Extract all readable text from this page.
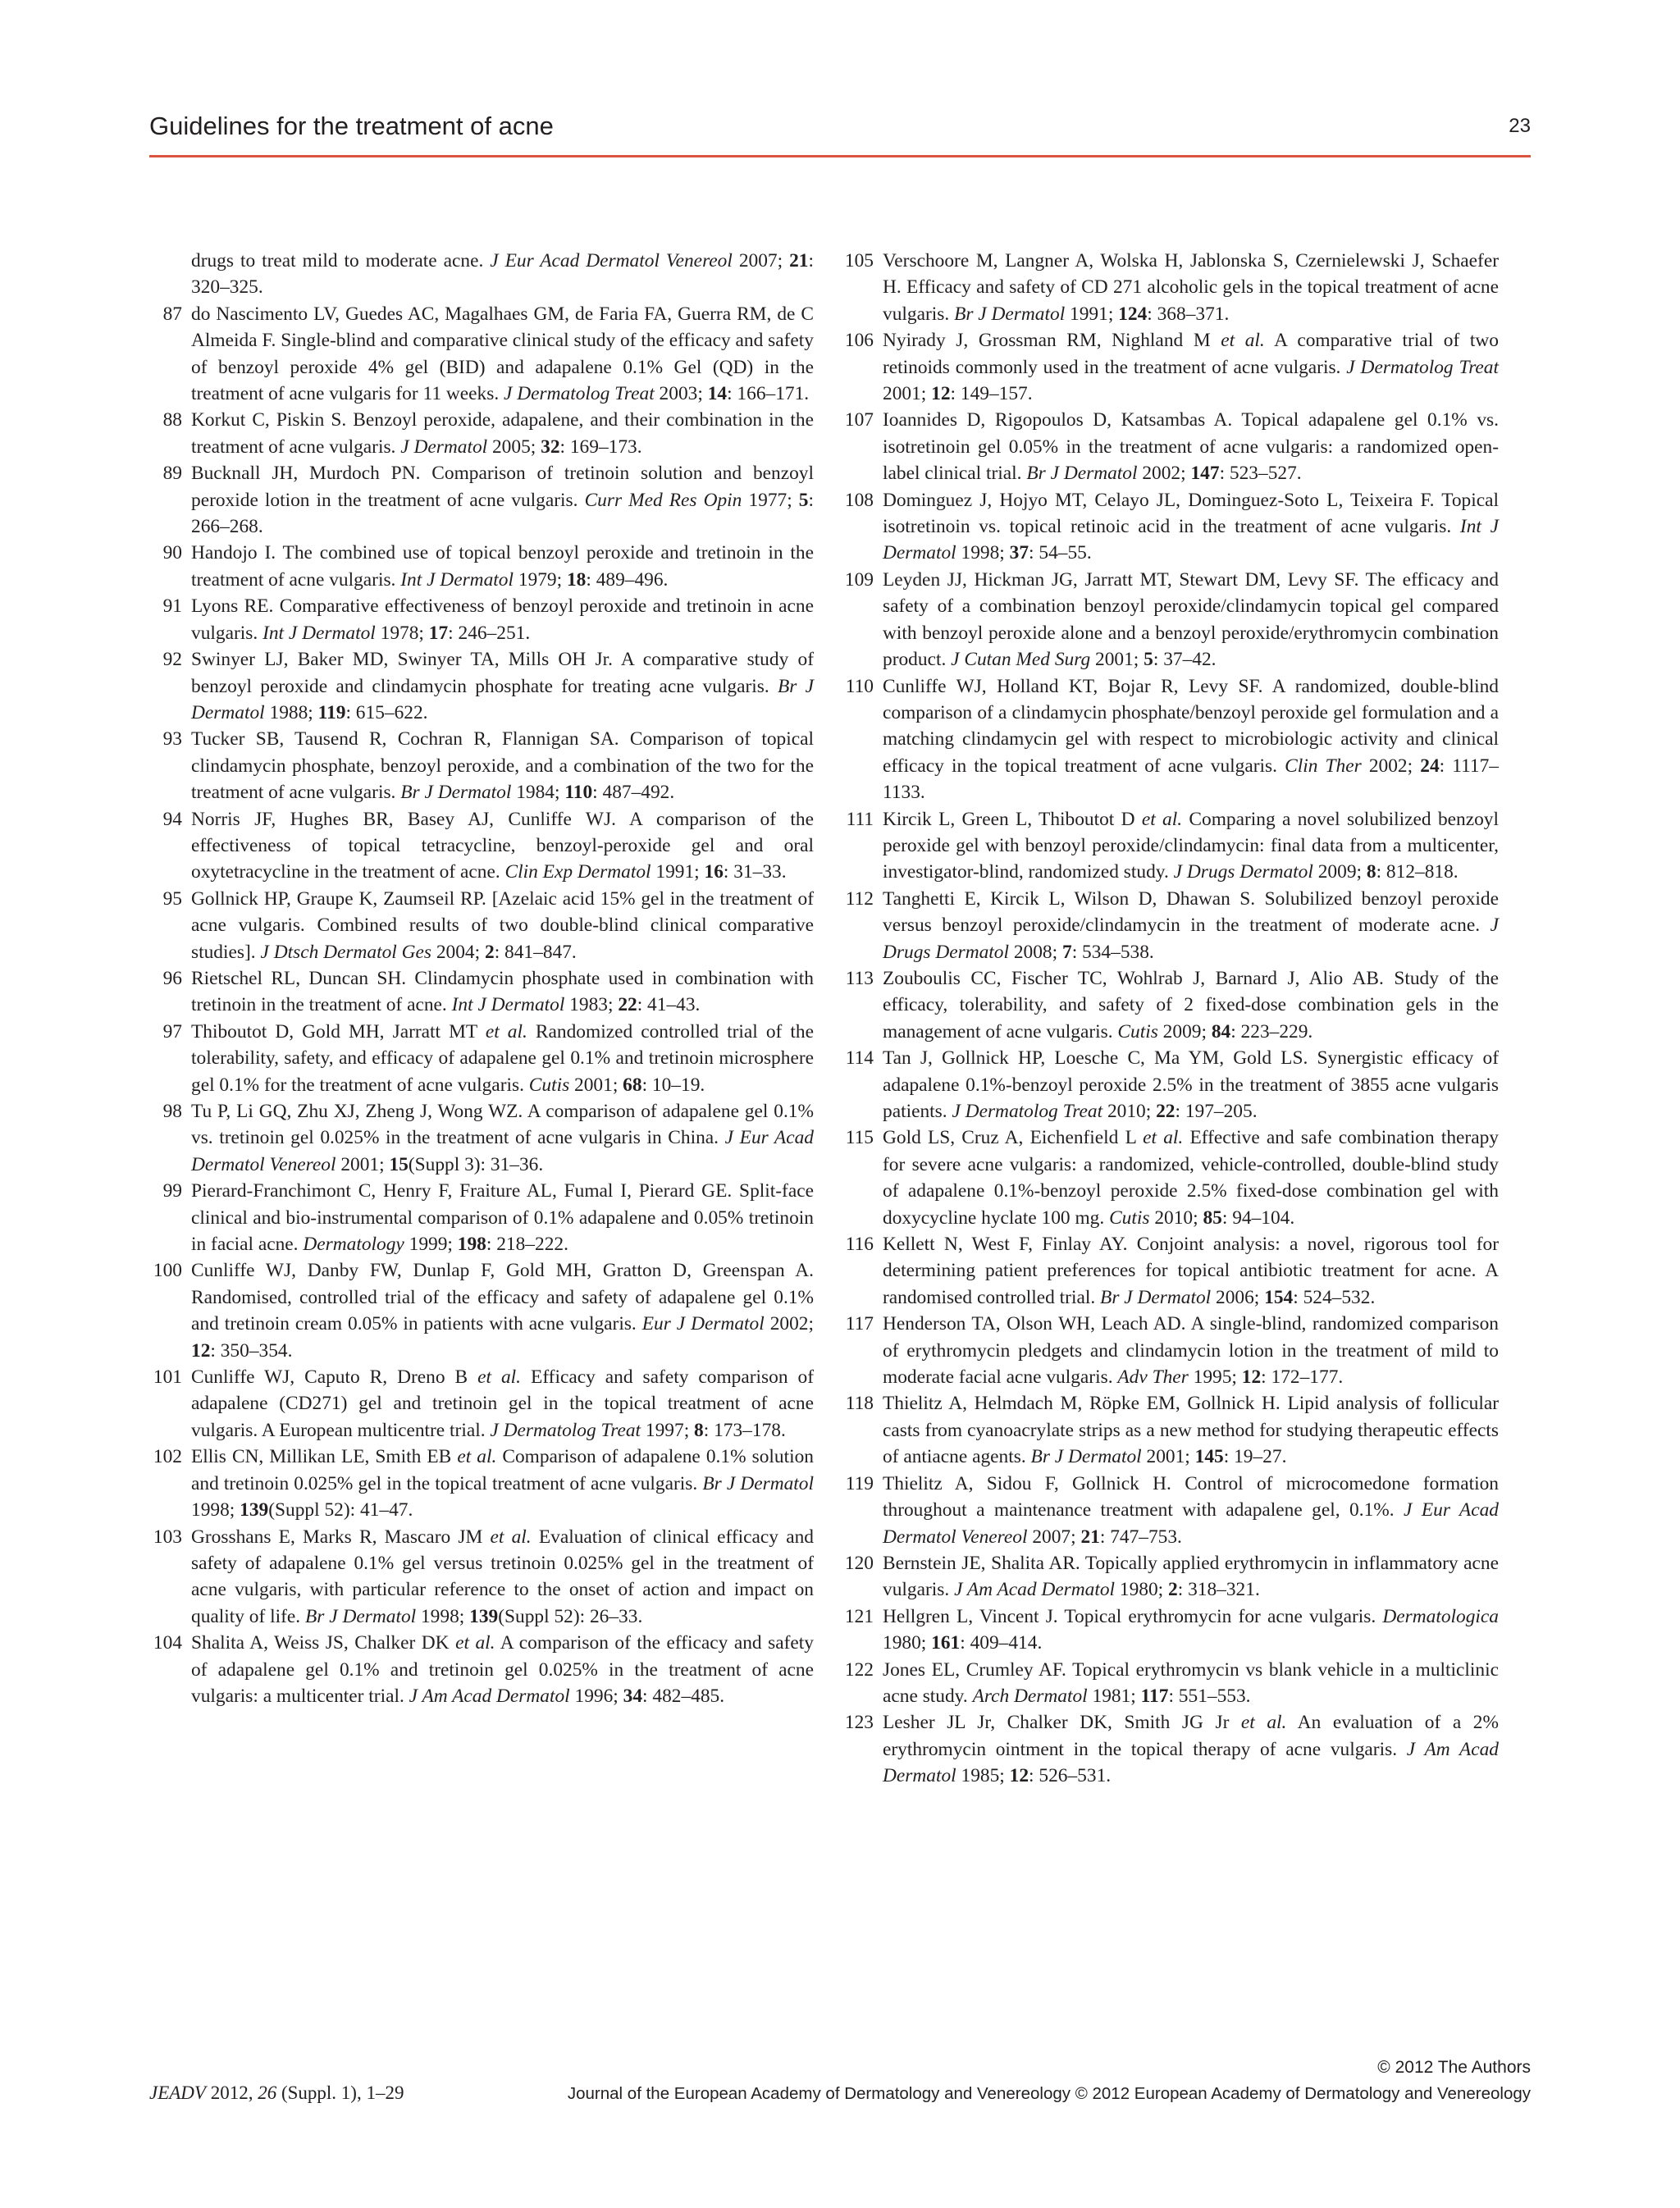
Guidelines for the treatment of acne	23

drugs to treat mild to moderate acne. J Eur Acad Dermatol Venereol 2007; 21: 320–325.

87 do Nascimento LV, Guedes AC, Magalhaes GM, de Faria FA, Guerra RM, de C Almeida F. Single-blind and comparative clinical study of the efficacy and safety of benzoyl peroxide 4% gel (BID) and adapalene 0.1% Gel (QD) in the treatment of acne vulgaris for 11 weeks. J Dermatolog Treat 2003; 14: 166–171.

88 Korkut C, Piskin S. Benzoyl peroxide, adapalene, and their combination in the treatment of acne vulgaris. J Dermatol 2005; 32: 169–173.

89 Bucknall JH, Murdoch PN. Comparison of tretinoin solution and benzoyl peroxide lotion in the treatment of acne vulgaris. Curr Med Res Opin 1977; 5: 266–268.

90 Handojo I. The combined use of topical benzoyl peroxide and tretinoin in the treatment of acne vulgaris. Int J Dermatol 1979; 18: 489–496.

91 Lyons RE. Comparative effectiveness of benzoyl peroxide and tretinoin in acne vulgaris. Int J Dermatol 1978; 17: 246–251.

92 Swinyer LJ, Baker MD, Swinyer TA, Mills OH Jr. A comparative study of benzoyl peroxide and clindamycin phosphate for treating acne vulgaris. Br J Dermatol 1988; 119: 615–622.

93 Tucker SB, Tausend R, Cochran R, Flannigan SA. Comparison of topical clindamycin phosphate, benzoyl peroxide, and a combination of the two for the treatment of acne vulgaris. Br J Dermatol 1984; 110: 487–492.

94 Norris JF, Hughes BR, Basey AJ, Cunliffe WJ. A comparison of the effectiveness of topical tetracycline, benzoyl-peroxide gel and oral oxytetracycline in the treatment of acne. Clin Exp Dermatol 1991; 16: 31–33.

95 Gollnick HP, Graupe K, Zaumseil RP. [Azelaic acid 15% gel in the treatment of acne vulgaris. Combined results of two double-blind clinical comparative studies]. J Dtsch Dermatol Ges 2004; 2: 841–847.

96 Rietschel RL, Duncan SH. Clindamycin phosphate used in combination with tretinoin in the treatment of acne. Int J Dermatol 1983; 22: 41–43.

97 Thiboutot D, Gold MH, Jarratt MT et al. Randomized controlled trial of the tolerability, safety, and efficacy of adapalene gel 0.1% and tretinoin microsphere gel 0.1% for the treatment of acne vulgaris. Cutis 2001; 68: 10–19.

98 Tu P, Li GQ, Zhu XJ, Zheng J, Wong WZ. A comparison of adapalene gel 0.1% vs. tretinoin gel 0.025% in the treatment of acne vulgaris in China. J Eur Acad Dermatol Venereol 2001; 15(Suppl 3): 31–36.

99 Pierard-Franchimont C, Henry F, Fraiture AL, Fumal I, Pierard GE. Split-face clinical and bio-instrumental comparison of 0.1% adapalene and 0.05% tretinoin in facial acne. Dermatology 1999; 198: 218–222.

100 Cunliffe WJ, Danby FW, Dunlap F, Gold MH, Gratton D, Greenspan A. Randomised, controlled trial of the efficacy and safety of adapalene gel 0.1% and tretinoin cream 0.05% in patients with acne vulgaris. Eur J Dermatol 2002; 12: 350–354.

101 Cunliffe WJ, Caputo R, Dreno B et al. Efficacy and safety comparison of adapalene (CD271) gel and tretinoin gel in the topical treatment of acne vulgaris. A European multicentre trial. J Dermatolog Treat 1997; 8: 173–178.

102 Ellis CN, Millikan LE, Smith EB et al. Comparison of adapalene 0.1% solution and tretinoin 0.025% gel in the topical treatment of acne vulgaris. Br J Dermatol 1998; 139(Suppl 52): 41–47.

103 Grosshans E, Marks R, Mascaro JM et al. Evaluation of clinical efficacy and safety of adapalene 0.1% gel versus tretinoin 0.025% gel in the treatment of acne vulgaris, with particular reference to the onset of action and impact on quality of life. Br J Dermatol 1998; 139(Suppl 52): 26–33.

104 Shalita A, Weiss JS, Chalker DK et al. A comparison of the efficacy and safety of adapalene gel 0.1% and tretinoin gel 0.025% in the treatment of acne vulgaris: a multicenter trial. J Am Acad Dermatol 1996; 34: 482–485.

105 Verschoore M, Langner A, Wolska H, Jablonska S, Czernielewski J, Schaefer H. Efficacy and safety of CD 271 alcoholic gels in the topical treatment of acne vulgaris. Br J Dermatol 1991; 124: 368–371.

106 Nyirady J, Grossman RM, Nighland M et al. A comparative trial of two retinoids commonly used in the treatment of acne vulgaris. J Dermatolog Treat 2001; 12: 149–157.

107 Ioannides D, Rigopoulos D, Katsambas A. Topical adapalene gel 0.1% vs. isotretinoin gel 0.05% in the treatment of acne vulgaris: a randomized open-label clinical trial. Br J Dermatol 2002; 147: 523–527.

108 Dominguez J, Hojyo MT, Celayo JL, Dominguez-Soto L, Teixeira F. Topical isotretinoin vs. topical retinoic acid in the treatment of acne vulgaris. Int J Dermatol 1998; 37: 54–55.

109 Leyden JJ, Hickman JG, Jarratt MT, Stewart DM, Levy SF. The efficacy and safety of a combination benzoyl peroxide/clindamycin topical gel compared with benzoyl peroxide alone and a benzoyl peroxide/erythromycin combination product. J Cutan Med Surg 2001; 5: 37–42.

110 Cunliffe WJ, Holland KT, Bojar R, Levy SF. A randomized, double-blind comparison of a clindamycin phosphate/benzoyl peroxide gel formulation and a matching clindamycin gel with respect to microbiologic activity and clinical efficacy in the topical treatment of acne vulgaris. Clin Ther 2002; 24: 1117–1133.

111 Kircik L, Green L, Thiboutot D et al. Comparing a novel solubilized benzoyl peroxide gel with benzoyl peroxide/clindamycin: final data from a multicenter, investigator-blind, randomized study. J Drugs Dermatol 2009; 8: 812–818.

112 Tanghetti E, Kircik L, Wilson D, Dhawan S. Solubilized benzoyl peroxide versus benzoyl peroxide/clindamycin in the treatment of moderate acne. J Drugs Dermatol 2008; 7: 534–538.

113 Zouboulis CC, Fischer TC, Wohlrab J, Barnard J, Alio AB. Study of the efficacy, tolerability, and safety of 2 fixed-dose combination gels in the management of acne vulgaris. Cutis 2009; 84: 223–229.

114 Tan J, Gollnick HP, Loesche C, Ma YM, Gold LS. Synergistic efficacy of adapalene 0.1%-benzoyl peroxide 2.5% in the treatment of 3855 acne vulgaris patients. J Dermatolog Treat 2010; 22: 197–205.

115 Gold LS, Cruz A, Eichenfield L et al. Effective and safe combination therapy for severe acne vulgaris: a randomized, vehicle-controlled, double-blind study of adapalene 0.1%-benzoyl peroxide 2.5% fixed-dose combination gel with doxycycline hyclate 100 mg. Cutis 2010; 85: 94–104.

116 Kellett N, West F, Finlay AY. Conjoint analysis: a novel, rigorous tool for determining patient preferences for topical antibiotic treatment for acne. A randomised controlled trial. Br J Dermatol 2006; 154: 524–532.

117 Henderson TA, Olson WH, Leach AD. A single-blind, randomized comparison of erythromycin pledgets and clindamycin lotion in the treatment of mild to moderate facial acne vulgaris. Adv Ther 1995; 12: 172–177.

118 Thielitz A, Helmdach M, Röpke EM, Gollnick H. Lipid analysis of follicular casts from cyanoacrylate strips as a new method for studying therapeutic effects of antiacne agents. Br J Dermatol 2001; 145: 19–27.

119 Thielitz A, Sidou F, Gollnick H. Control of microcomedone formation throughout a maintenance treatment with adapalene gel, 0.1%. J Eur Acad Dermatol Venereol 2007; 21: 747–753.

120 Bernstein JE, Shalita AR. Topically applied erythromycin in inflammatory acne vulgaris. J Am Acad Dermatol 1980; 2: 318–321.

121 Hellgren L, Vincent J. Topical erythromycin for acne vulgaris. Dermatologica 1980; 161: 409–414.

122 Jones EL, Crumley AF. Topical erythromycin vs blank vehicle in a multiclinic acne study. Arch Dermatol 1981; 117: 551–553.

123 Lesher JL Jr, Chalker DK, Smith JG Jr et al. An evaluation of a 2% erythromycin ointment in the topical therapy of acne vulgaris. J Am Acad Dermatol 1985; 12: 526–531.

© 2012 The Authors
JEADV 2012, 26 (Suppl. 1), 1–29	Journal of the European Academy of Dermatology and Venereology © 2012 European Academy of Dermatology and Venereology
